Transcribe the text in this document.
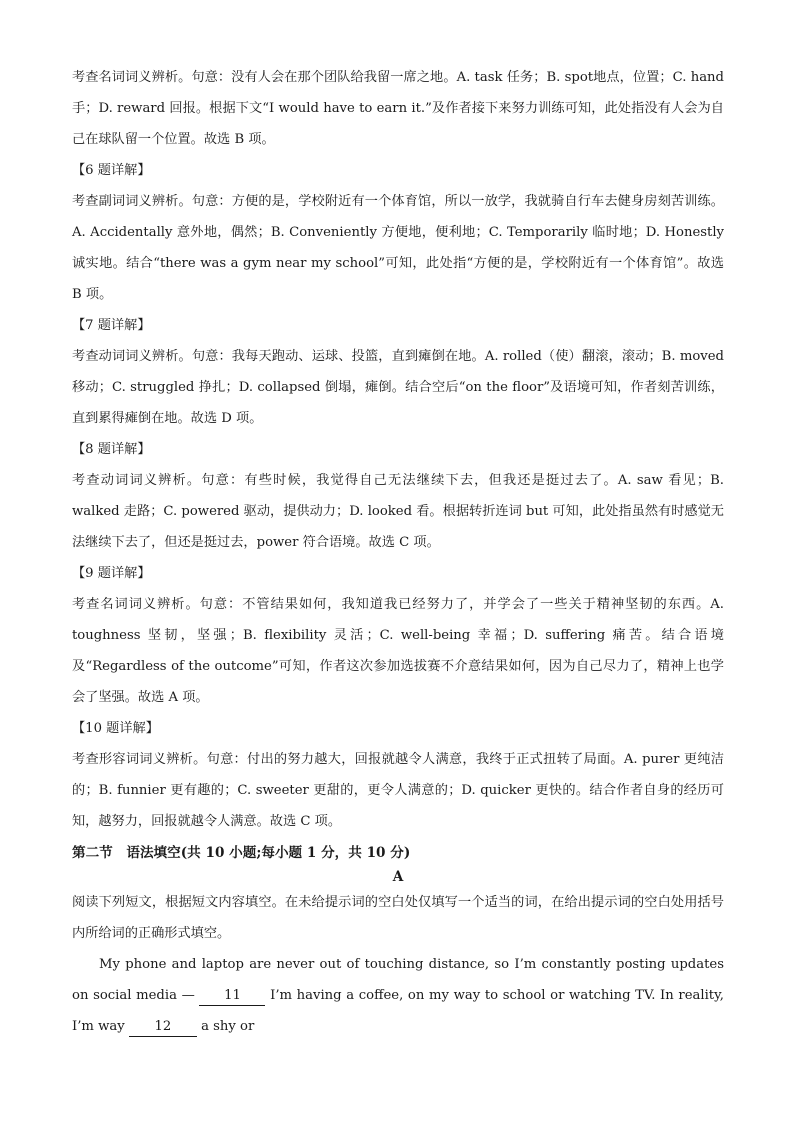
考查名词词义辨析。句意：没有人会在那个团队给我留一席之地。A. task 任务；B. spot地点，位置；C. hand 手；D. reward 回报。根据下文“I would have to earn it.”及作者接下来努力训练可知，此处指没有人会为自己在球队留一个位置。故选 B 项。

【6 题详解】

考查副词词义辨析。句意：方便的是，学校附近有一个体育馆，所以一放学，我就骑自行车去健身房刻苦训练。A. Accidentally 意外地，偶然；B. Conveniently 方便地，便利地；C. Temporarily 临时地；D. Honestly 诚实地。结合“there was a gym near my school”可知，此处指“方便的是，学校附近有一个体育馆”。故选 B 项。

【7 题详解】

考查动词词义辨析。句意：我每天跑动、运球、投篮，直到瘫倒在地。A. rolled（使）翻滚，滚动；B. moved 移动；C. struggled 挣扎；D. collapsed 倒塌，瘫倒。结合空后“on the floor”及语境可知，作者刻苦训练，直到累得瘫倒在地。故选 D 项。

【8 题详解】

考查动词词义辨析。句意：有些时候，我觉得自己无法继续下去，但我还是挺过去了。A. saw 看见；B. walked 走路；C. powered 驱动，提供动力；D. looked 看。根据转折连词 but 可知，此处指虽然有时感觉无法继续下去了，但还是挺过去，power 符合语境。故选 C 项。

【9 题详解】

考查名词词义辨析。句意：不管结果如何，我知道我已经努力了，并学会了一些关于精神坚韧的东西。A. toughness 坚韧，坚强；B. flexibility 灵活；C. well-being 幸福；D. suffering 痛苦。结合语境及“Regardless of the outcome”可知，作者这次参加选拔赛不介意结果如何，因为自己尽力了，精神上也学会了坚强。故选 A 项。

【10 题详解】

考查形容词词义辨析。句意：付出的努力越大，回报就越令人满意，我终于正式扭转了局面。A. purer 更纯洁的；B. funnier 更有趣的；C. sweeter 更甜的，更令人满意的；D. quicker 更快的。结合作者自身的经历可知，越努力，回报就越令人满意。故选 C 项。

第二节　语法填空(共 10 小题;每小题 1 分，共 10 分)
A

阅读下列短文，根据短文内容填空。在未给提示词的空白处仅填写一个适当的词，在给出提示词的空白处用括号内所给词的正确形式填空。

My phone and laptop are never out of touching distance, so I’m constantly posting updates on social media — 11 I’m having a coffee, on my way to school or watching TV. In reality, I’m way 12 a shy or
